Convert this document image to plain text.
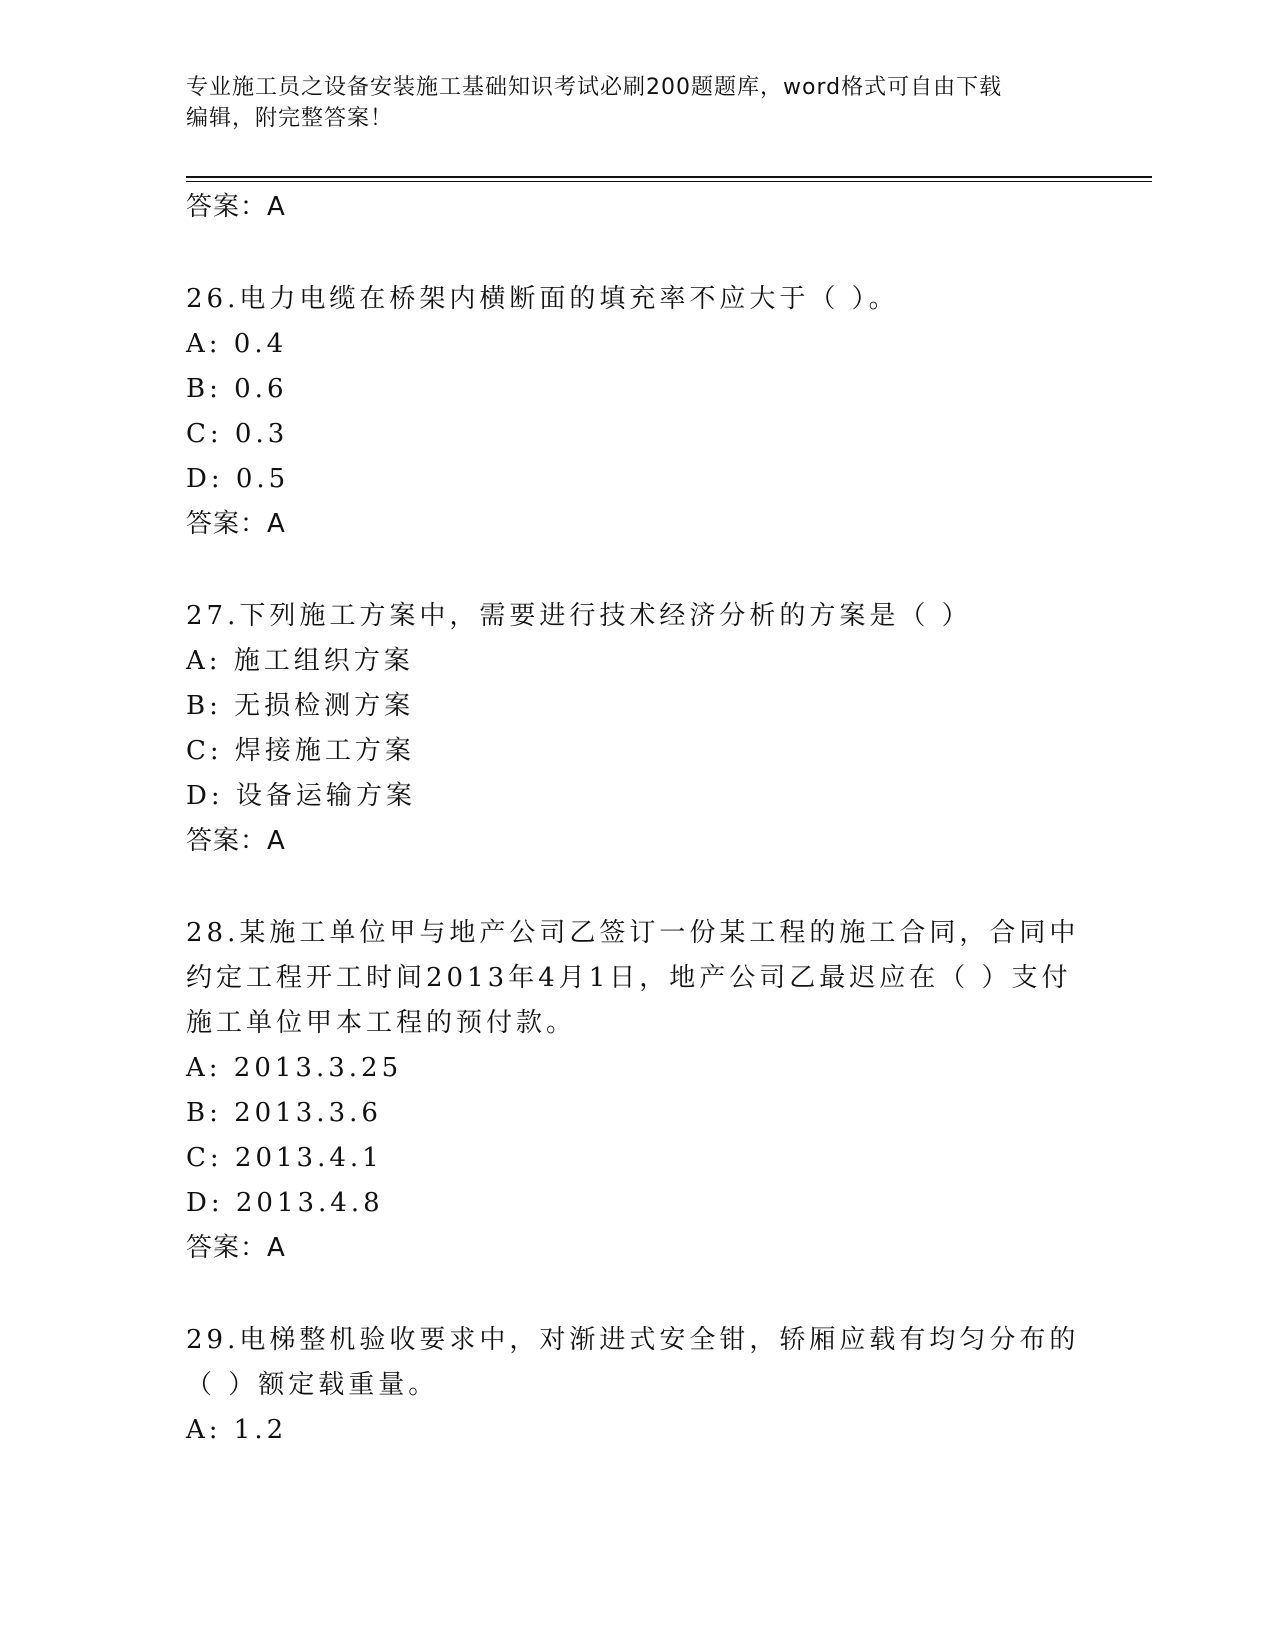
专业施工员之设备安装施工基础知识考试必刷200题题库，word格式可自由下载
编辑，附完整答案！
答案：A
26.电力电缆在桥架内横断面的填充率不应大于（ ）。
A: 0.4
B: 0.6
C: 0.3
D: 0.5
答案：A
27.下列施工方案中，需要进行技术经济分析的方案是（ ）
A: 施工组织方案
B: 无损检测方案
C: 焊接施工方案
D: 设备运输方案
答案：A
28.某施工单位甲与地产公司乙签订一份某工程的施工合同，合同中约定工程开工时间2013年4月1日，地产公司乙最迟应在（ ）支付施工单位甲本工程的预付款。
A: 2013.3.25
B: 2013.3.6
C: 2013.4.1
D: 2013.4.8
答案：A
29.电梯整机验收要求中，对渐进式安全钳，轿厢应载有均匀分布的（ ）额定载重量。
A: 1.2
